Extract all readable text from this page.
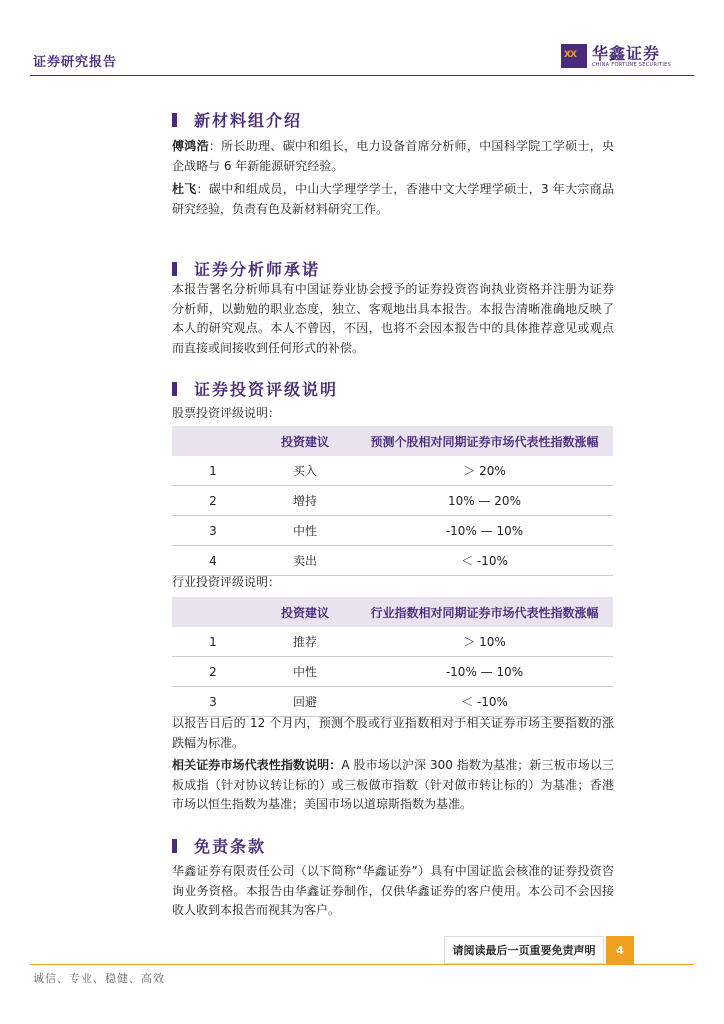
证券研究报告	XX 华鑫证券
CHINA FORTUNE SECURITIES
新材料组介绍

傅鸿浩：所长助理、碳中和组长，电力设备首席分析师，中国科学院工学硕士，央企战略与 6 年新能源研究经验。

杜飞：碳中和组成员，中山大学理学学士，香港中文大学理学硕士，3 年大宗商品研究经验，负责有色及新材料研究工作。

证券分析师承诺

本报告署名分析师具有中国证券业协会授予的证券投资咨询执业资格并注册为证券分析师，以勤勉的职业态度，独立、客观地出具本报告。本报告清晰准确地反映了本人的研究观点。本人不曾因，不因，也将不会因本报告中的具体推荐意见或观点而直接或间接收到任何形式的补偿。

证券投资评级说明
股票投资评级说明：
	投资建议	预测个股相对同期证券市场代表性指数涨幅
1	买入	＞ 20%
2	增持	10% — 20%
3	中性	-10% — 10%
4	卖出	＜ -10%
行业投资评级说明：
	投资建议	行业指数相对同期证券市场代表性指数涨幅
1	推荐	＞ 10%
2	中性	-10% — 10%
3	回避	＜ -10%

以报告日后的 12 个月内，预测个股或行业指数相对于相关证券市场主要指数的涨跌幅为标准。

相关证券市场代表性指数说明：A 股市场以沪深 300 指数为基准；新三板市场以三板成指（针对协议转让标的）或三板做市指数（针对做市转让标的）为基准；香港市场以恒生指数为基准；美国市场以道琼斯指数为基准。

免责条款

华鑫证券有限责任公司（以下简称“华鑫证券”）具有中国证监会核准的证券投资咨询业务资格。本报告由华鑫证券制作，仅供华鑫证券的客户使用。本公司不会因接收人收到本报告而视其为客户。

请阅读最后一页重要免责声明	4
诚信、专业、稳健、高效
